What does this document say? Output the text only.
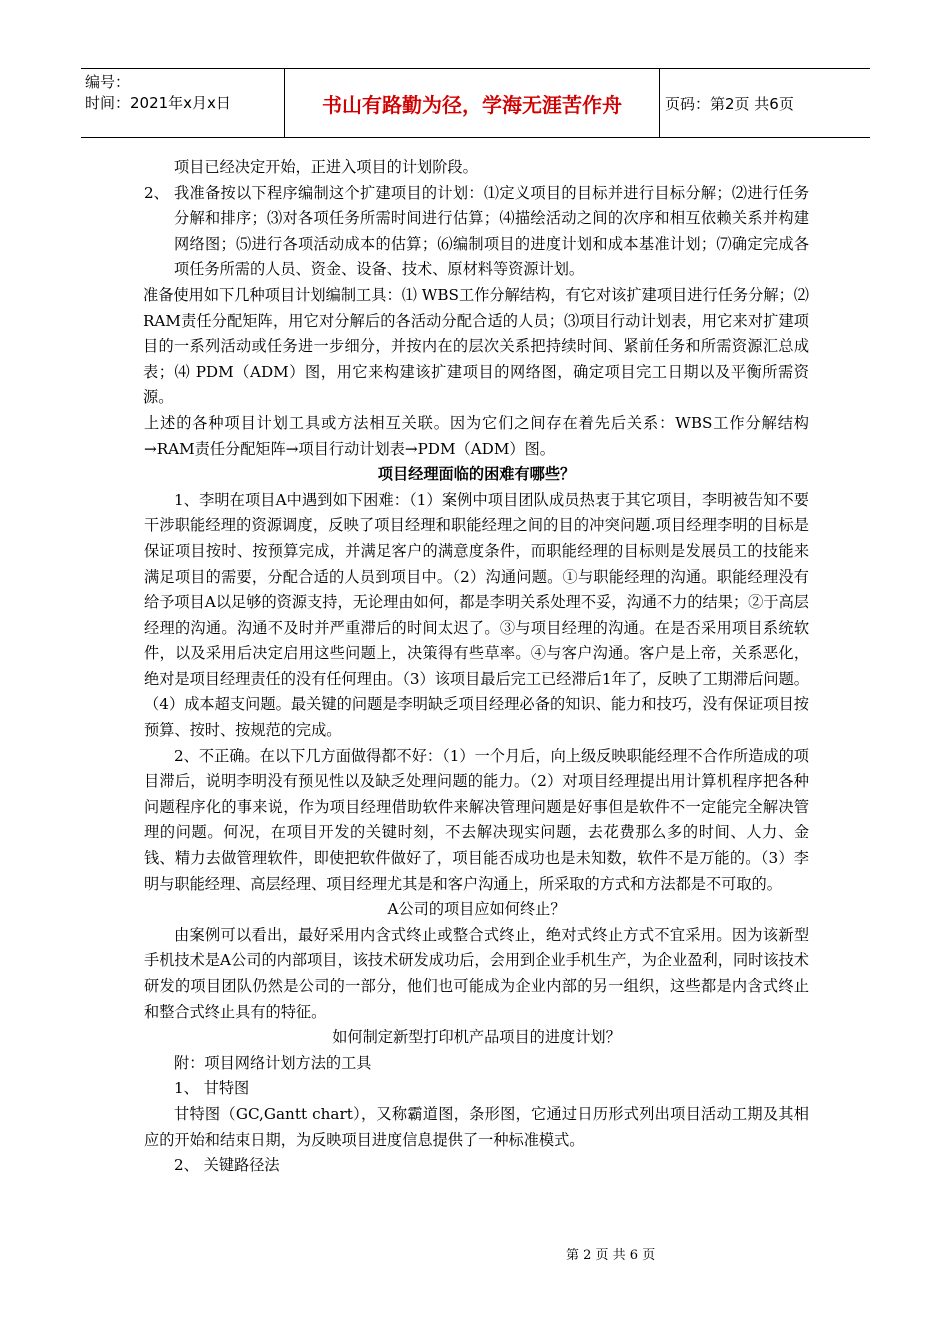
编号：
时间：2021年x月x日	书山有路勤为径，学海无涯苦作舟	页码：第2页 共6页

项目已经决定开始，正进入项目的计划阶段。

2、 我准备按以下程序编制这个扩建项目的计划：⑴定义项目的目标并进行目标分解；⑵进行任务分解和排序；⑶对各项任务所需时间进行估算；⑷描绘活动之间的次序和相互依赖关系并构建网络图；⑸进行各项活动成本的估算；⑹编制项目的进度计划和成本基准计划；⑺确定完成各项任务所需的人员、资金、设备、技术、原材料等资源计划。

准备使用如下几种项目计划编制工具：⑴ WBS工作分解结构，有它对该扩建项目进行任务分解；⑵ RAM责任分配矩阵，用它对分解后的各活动分配合适的人员；⑶项目行动计划表，用它来对扩建项目的一系列活动或任务进一步细分，并按内在的层次关系把持续时间、紧前任务和所需资源汇总成表；⑷ PDM（ADM）图，用它来构建该扩建项目的网络图，确定项目完工日期以及平衡所需资源。

上述的各种项目计划工具或方法相互关联。因为它们之间存在着先后关系：WBS工作分解结构→RAM责任分配矩阵→项目行动计划表→PDM（ADM）图。

项目经理面临的困难有哪些？

1、李明在项目A中遇到如下困难：（1）案例中项目团队成员热衷于其它项目，李明被告知不要干涉职能经理的资源调度，反映了项目经理和职能经理之间的目的冲突问题.项目经理李明的目标是保证项目按时、按预算完成，并满足客户的满意度条件，而职能经理的目标则是发展员工的技能来满足项目的需要，分配合适的人员到项目中。（2）沟通问题。①与职能经理的沟通。职能经理没有给予项目A以足够的资源支持，无论理由如何，都是李明关系处理不妥，沟通不力的结果；②于高层经理的沟通。沟通不及时并严重滞后的时间太迟了。③与项目经理的沟通。在是否采用项目系统软件，以及采用后决定启用这些问题上，决策得有些草率。④与客户沟通。客户是上帝，关系恶化，绝对是项目经理责任的没有任何理由。（3）该项目最后完工已经滞后1年了，反映了工期滞后问题。（4）成本超支问题。最关键的问题是李明缺乏项目经理必备的知识、能力和技巧，没有保证项目按预算、按时、按规范的完成。

2、不正确。在以下几方面做得都不好：（1）一个月后，向上级反映职能经理不合作所造成的项目滞后，说明李明没有预见性以及缺乏处理问题的能力。（2）对项目经理提出用计算机程序把各种问题程序化的事来说，作为项目经理借助软件来解决管理问题是好事但是软件不一定能完全解决管理的问题。何况，在项目开发的关键时刻，不去解决现实问题，去花费那么多的时间、人力、金钱、精力去做管理软件，即使把软件做好了，项目能否成功也是未知数，软件不是万能的。（3）李明与职能经理、高层经理、项目经理尤其是和客户沟通上，所采取的方式和方法都是不可取的。

A公司的项目应如何终止？

由案例可以看出，最好采用内含式终止或整合式终止，绝对式终止方式不宜采用。因为该新型手机技术是A公司的内部项目，该技术研发成功后，会用到企业手机生产，为企业盈利，同时该技术研发的项目团队仍然是公司的一部分，他们也可能成为企业内部的另一组织，这些都是内含式终止和整合式终止具有的特征。

如何制定新型打印机产品项目的进度计划？

附：项目网络计划方法的工具

1、 甘特图

甘特图（GC,Gantt chart），又称霸道图，条形图，它通过日历形式列出项目活动工期及其相应的开始和结束日期，为反映项目进度信息提供了一种标准模式。

2、 关键路径法

第 2 页 共 6 页
